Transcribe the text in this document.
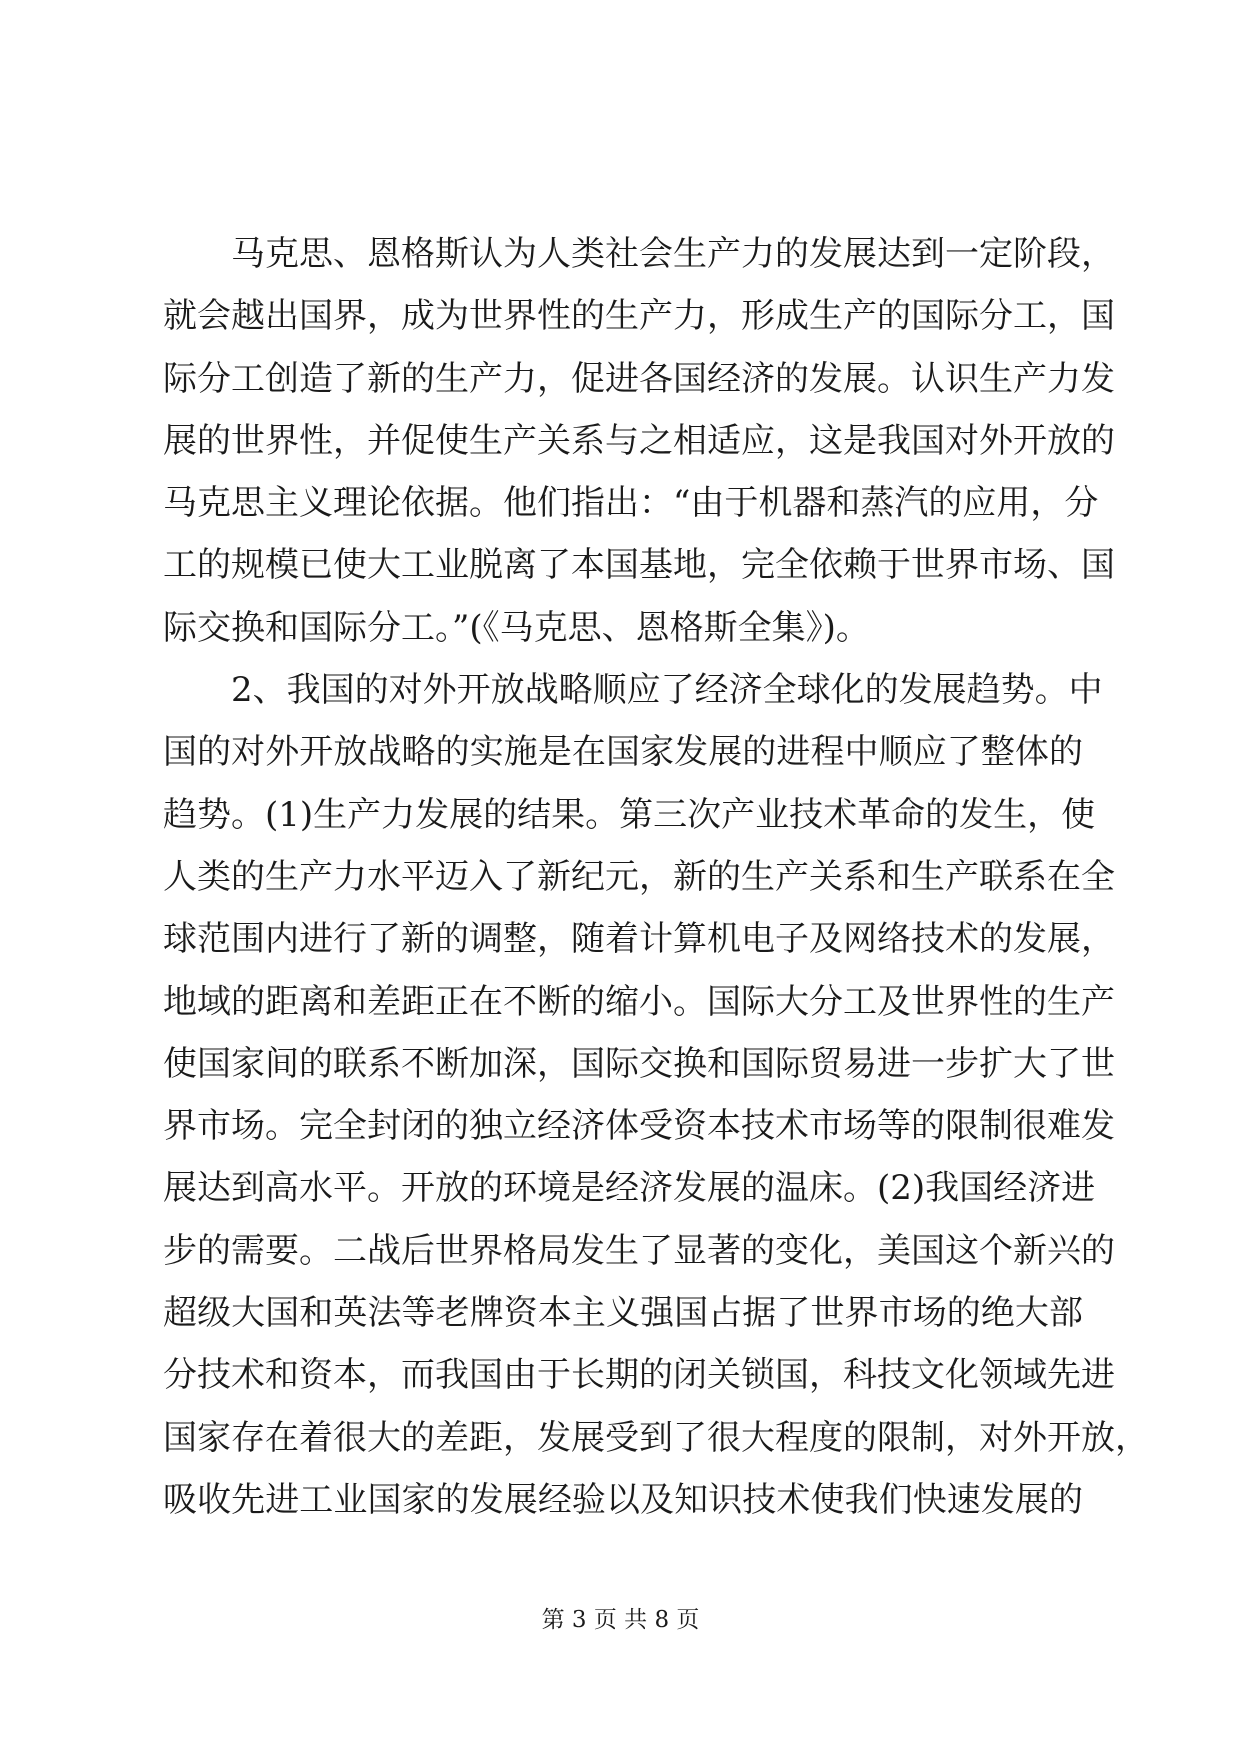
马克思、恩格斯认为人类社会生产力的发展达到一定阶段，
就会越出国界，成为世界性的生产力，形成生产的国际分工，国
际分工创造了新的生产力，促进各国经济的发展。认识生产力发
展的世界性，并促使生产关系与之相适应，这是我国对外开放的
马克思主义理论依据。他们指出：“由于机器和蒸汽的应用，分
工的规模已使大工业脱离了本国基地，完全依赖于世界市场、国
际交换和国际分工。”(《马克思、恩格斯全集》)。
2、我国的对外开放战略顺应了经济全球化的发展趋势。中
国的对外开放战略的实施是在国家发展的进程中顺应了整体的
趋势。(1)生产力发展的结果。第三次产业技术革命的发生，使
人类的生产力水平迈入了新纪元，新的生产关系和生产联系在全
球范围内进行了新的调整，随着计算机电子及网络技术的发展，
地域的距离和差距正在不断的缩小。国际大分工及世界性的生产
使国家间的联系不断加深，国际交换和国际贸易进一步扩大了世
界市场。完全封闭的独立经济体受资本技术市场等的限制很难发
展达到高水平。开放的环境是经济发展的温床。(2)我国经济进
步的需要。二战后世界格局发生了显著的变化，美国这个新兴的
超级大国和英法等老牌资本主义强国占据了世界市场的绝大部
分技术和资本，而我国由于长期的闭关锁国，科技文化领域先进
国家存在着很大的差距，发展受到了很大程度的限制，对外开放，
吸收先进工业国家的发展经验以及知识技术使我们快速发展的
第 3 页 共 8 页
